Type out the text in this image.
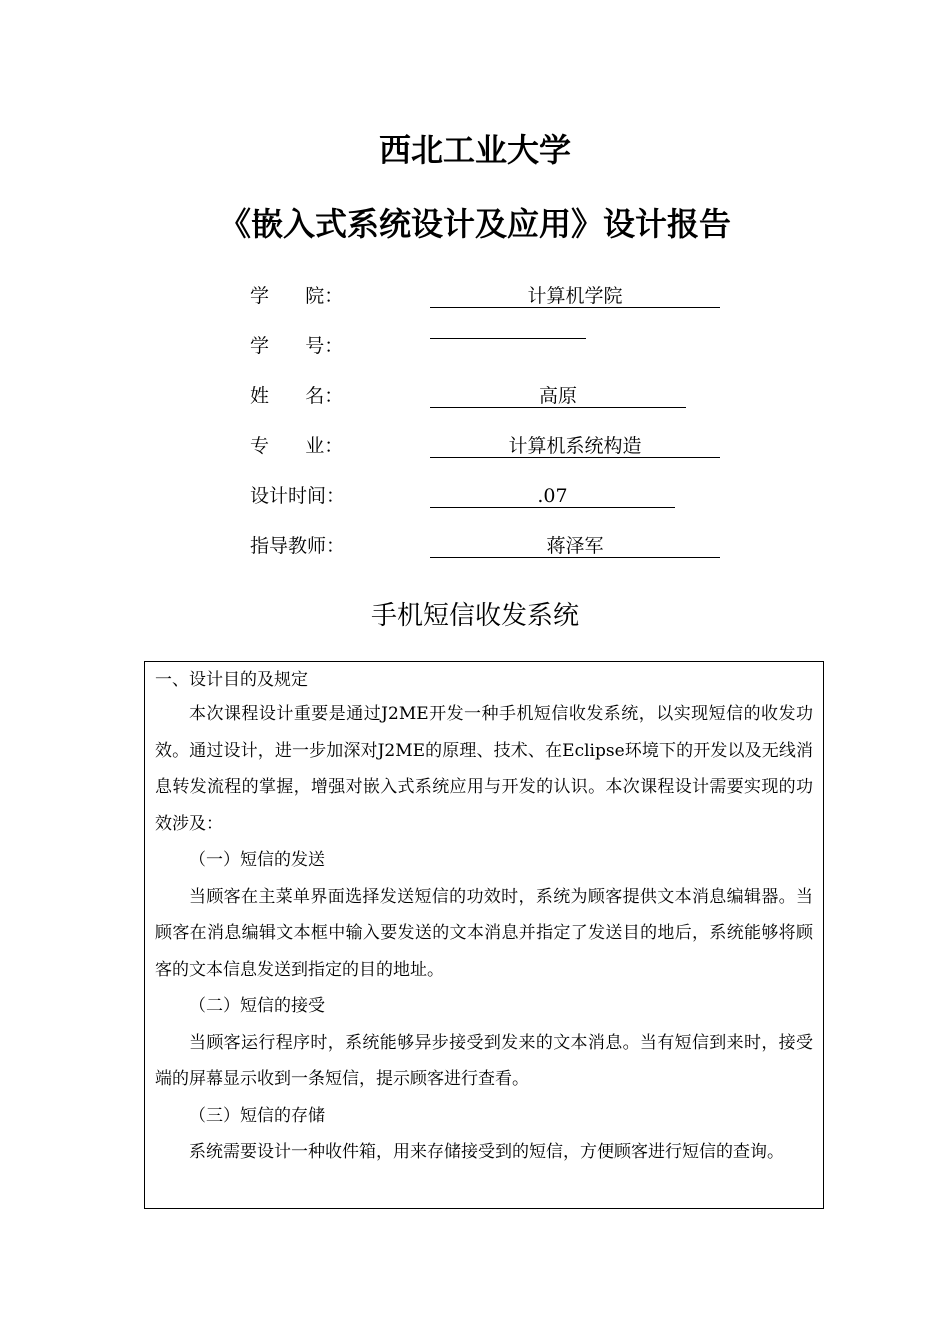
西北工业大学
《嵌入式系统设计及应用》设计报告
学      院：	计算机学院
学      号：
姓      名：	高原
专      业：	计算机系统构造
设计时间：	.07
指导教师：	蒋泽军
手机短信收发系统

一、设计目的及规定

本次课程设计重要是通过J2ME开发一种手机短信收发系统，以实现短信的收发功效。通过设计，进一步加深对J2ME的原理、技术、在Eclipse环境下的开发以及无线消息转发流程的掌握，增强对嵌入式系统应用与开发的认识。本次课程设计需要实现的功效涉及：

（一）短信的发送

当顾客在主菜单界面选择发送短信的功效时，系统为顾客提供文本消息编辑器。当顾客在消息编辑文本框中输入要发送的文本消息并指定了发送目的地后，系统能够将顾客的文本信息发送到指定的目的地址。

（二）短信的接受

当顾客运行程序时，系统能够异步接受到发来的文本消息。当有短信到来时，接受端的屏幕显示收到一条短信，提示顾客进行查看。

（三）短信的存储

系统需要设计一种收件箱，用来存储接受到的短信，方便顾客进行短信的查询。
